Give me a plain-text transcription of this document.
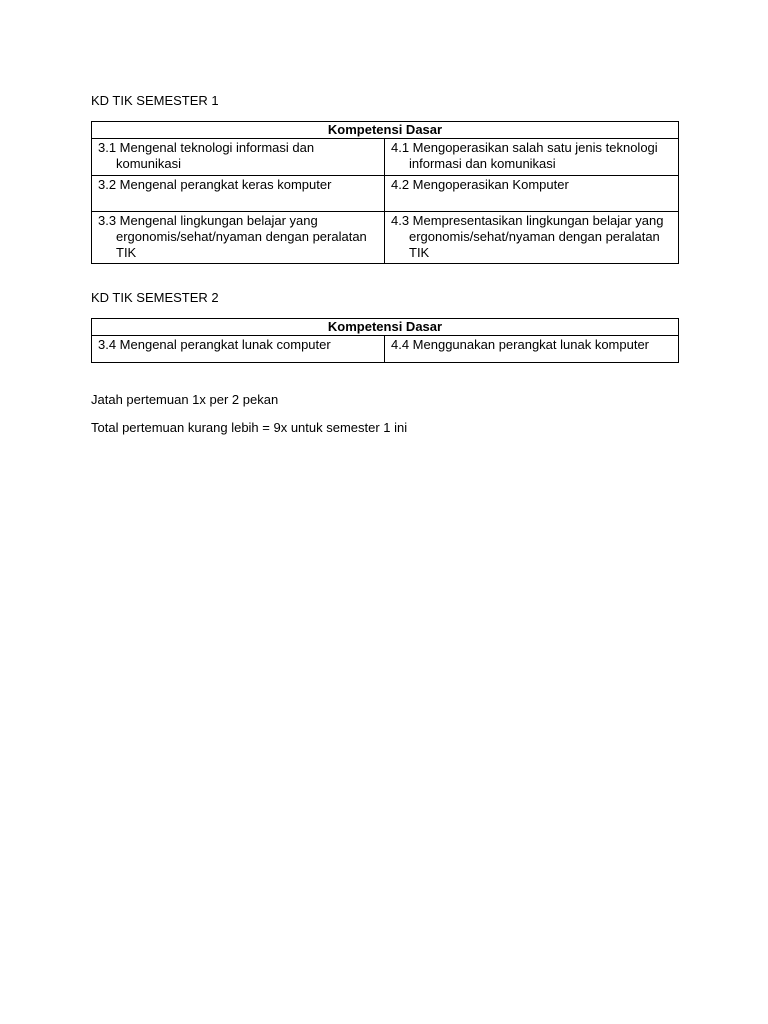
KD TIK SEMESTER 1
Kompetensi Dasar	

3.1 Mengenal teknologi informasi dan komunikasi	4.1 Mengoperasikan salah satu jenis teknologi informasi dan komunikasi

3.2 Mengenal perangkat keras komputer	4.2 Mengoperasikan Komputer

3.3 Mengenal lingkungan belajar yang ergonomis/sehat/nyaman dengan peralatan TIK	4.3 Mempresentasikan lingkungan belajar yang ergonomis/sehat/nyaman dengan peralatan TIK
KD TIK SEMESTER 2
Kompetensi Dasar

3.4 Mengenal perangkat lunak computer	4.4 Menggunakan perangkat lunak komputer
Jatah pertemuan 1x per 2 pekan
Total pertemuan kurang lebih = 9x untuk semester 1 ini
